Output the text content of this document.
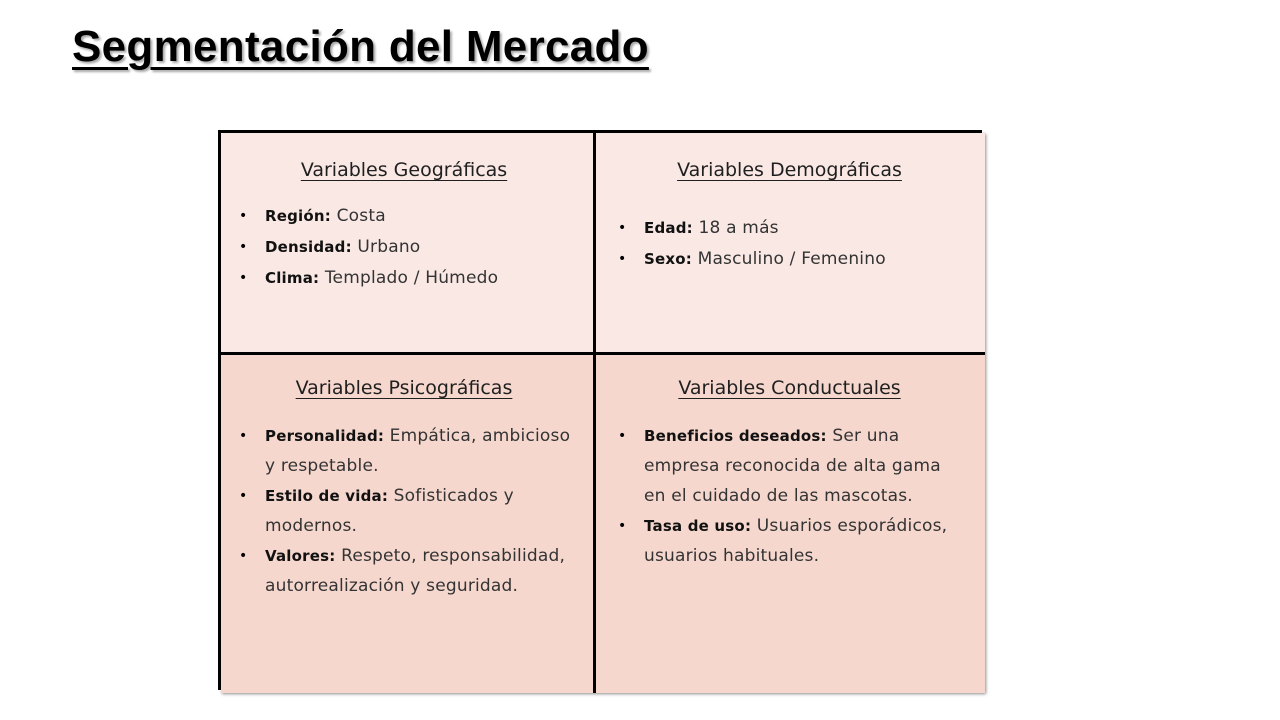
Segmentación del Mercado
Variables Geográficas
• Región: Costa
• Densidad: Urbano
• Clima: Templado / Húmedo
Variables Demográficas
• Edad: 18 a más
• Sexo: Masculino / Femenino
Variables Psicográficas
• Personalidad: Empática, ambicioso y respetable.
• Estilo de vida: Sofisticados y modernos.
• Valores: Respeto, responsabilidad, autorrealización y seguridad.
Variables Conductuales
• Beneficios deseados: Ser una empresa reconocida de alta gama en el cuidado de las mascotas.
• Tasa de uso: Usuarios esporádicos, usuarios habituales.
